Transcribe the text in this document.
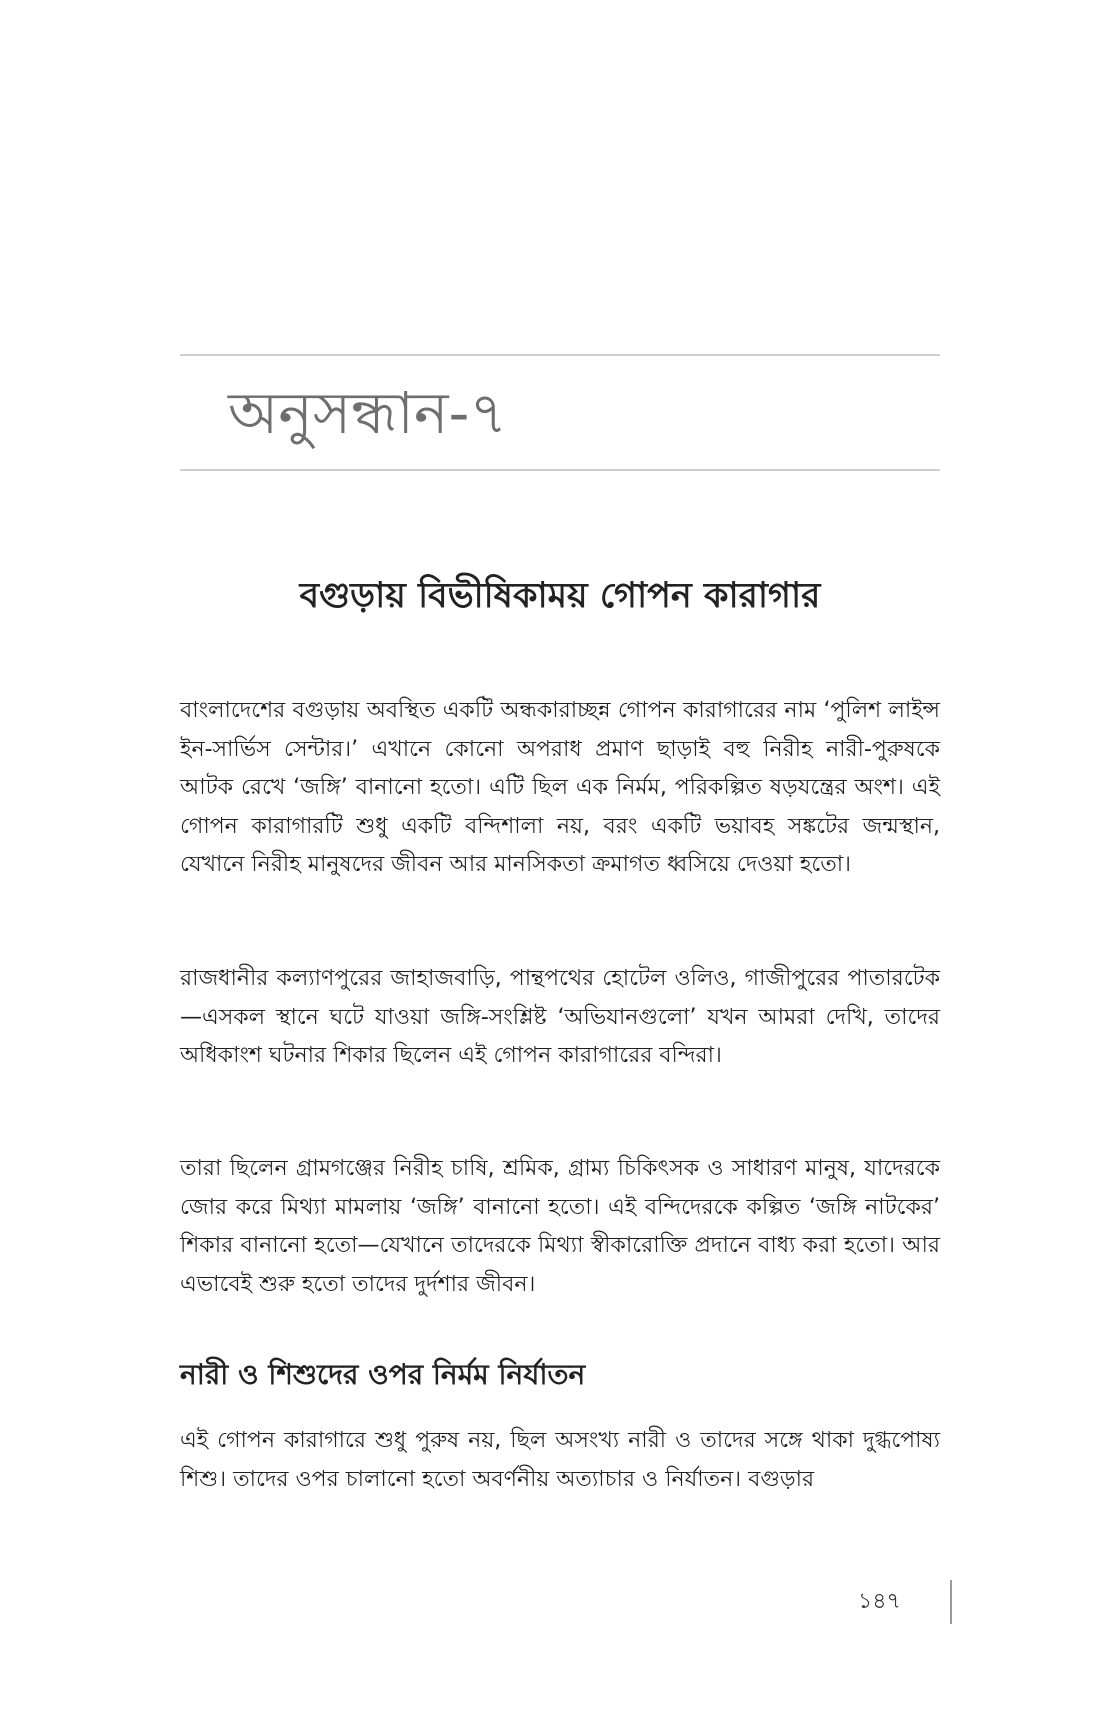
অনুসন্ধান-৭
বগুড়ায় বিভীষিকাময় গোপন কারাগার

বাংলাদেশের বগুড়ায় অবস্থিত একটি অন্ধকারাচ্ছন্ন গোপন কারাগারের নাম ‘পুলিশ লাইন্স ইন-সার্ভিস সেন্টার।’ এখানে কোনো অপরাধ প্রমাণ ছাড়াই বহু নিরীহ নারী-পুরুষকে আটক রেখে ‘জঙ্গি’ বানানো হতো। এটি ছিল এক নির্মম, পরিকল্পিত ষড়যন্ত্রের অংশ। এই গোপন কারাগারটি শুধু একটি বন্দিশালা নয়, বরং একটি ভয়াবহ সঙ্কটের জন্মস্থান, যেখানে নিরীহ মানুষদের জীবন আর মানসিকতা ক্রমাগত ধ্বসিয়ে দেওয়া হতো।

রাজধানীর কল্যাণপুরের জাহাজবাড়ি, পান্থপথের হোটেল ওলিও, গাজীপুরের পাতারটেক—এসকল স্থানে ঘটে যাওয়া জঙ্গি-সংশ্লিষ্ট ‘অভিযানগুলো’ যখন আমরা দেখি, তাদের অধিকাংশ ঘটনার শিকার ছিলেন এই গোপন কারাগারের বন্দিরা।

তারা ছিলেন গ্রামগঞ্জের নিরীহ চাষি, শ্রমিক, গ্রাম্য চিকিৎসক ও সাধারণ মানুষ, যাদেরকে জোর করে মিথ্যা মামলায় ‘জঙ্গি’ বানানো হতো। এই বন্দিদেরকে কল্পিত ‘জঙ্গি নাটকের’ শিকার বানানো হতো—যেখানে তাদেরকে মিথ্যা স্বীকারোক্তি প্রদানে বাধ্য করা হতো। আর এভাবেই শুরু হতো তাদের দুর্দশার জীবন।

নারী ও শিশুদের ওপর নির্মম নির্যাতন

এই গোপন কারাগারে শুধু পুরুষ নয়, ছিল অসংখ্য নারী ও তাদের সঙ্গে থাকা দুগ্ধপোষ্য শিশু। তাদের ওপর চালানো হতো অবর্ণনীয় অত্যাচার ও নির্যাতন। বগুড়ার

১৪৭
